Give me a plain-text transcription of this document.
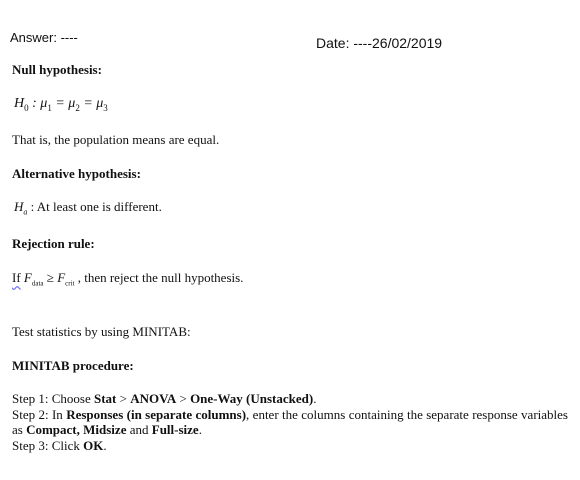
Answer: ----	Date: ----26/02/2019
Null hypothesis:
$H_0$ : $\mu_1 = \mu_2 = \mu_3$
That is, the population means are equal.
Alternative hypothesis:
$H_a$ : At least one is different.
Rejection rule:
If $F_{data} \ge F_{crit}$ , then reject the null hypothesis.
Test statistics by using MINITAB:
MINITAB procedure:

Step 1: Choose Stat > ANOVA > One-Way (Unstacked).

Step 2: In Responses (in separate columns), enter the columns containing the separate response variables as Compact, Midsize and Full-size.

Step 3: Click OK.
